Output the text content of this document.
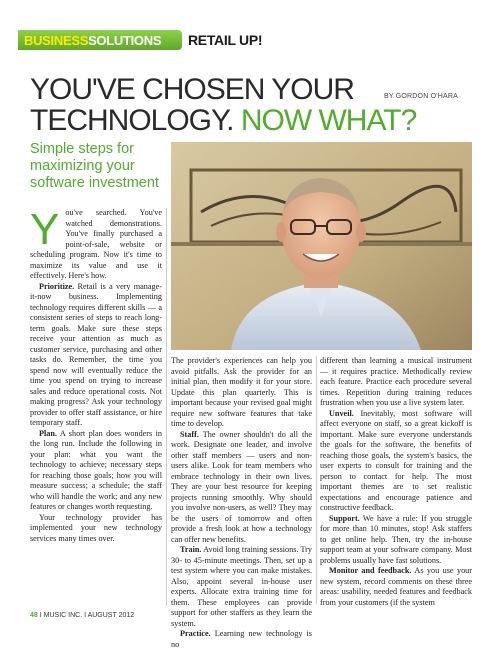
BUSINESSSOLUTIONS RETAIL UP!
YOU'VE CHOSEN YOUR
TECHNOLOGY. NOW WHAT?
BY GORDON O'HARA
Simple steps for maximizing your software investment
Y ou've searched. You've watched demonstrations. You've finally purchased a point-of-sale, website or scheduling program. Now it's time to maximize its value and use it effectively. Here's how.

Prioritize. Retail is a very manage-it-now business. Implementing technology requires different skills — a consistent series of steps to reach long-term goals. Make sure these steps receive your attention as much as customer service, purchasing and other tasks do. Remember, the time you spend now will eventually reduce the time you spend on trying to increase sales and reduce operational costs. Not making progress? Ask your technology provider to offer staff assistance, or hire temporary staff.

Plan. A short plan does wonders in the long run. Include the following in your plan: what you want the technology to achieve; necessary steps for reaching those goals; how you will measure success; a schedule; the staff who will handle the work; and any new features or changes worth requesting.

Your technology provider has implemented your new technology services many times over.

The provider's experiences can help you avoid pitfalls. Ask the provider for an initial plan, then modify it for your store. Update this plan quarterly. This is important because your revised goal might require new software features that take time to develop.

Staff. The owner shouldn't do all the work. Designate one leader, and involve other staff members — users and non-users alike. Look for team members who embrace technology in their own lives. They are your best resource for keeping projects running smoothly. Why should you involve non-users, as well? They may be the users of tomorrow and often provide a fresh look at how a technology can offer new benefits.

Train. Avoid long training sessions. Try 30- to 45-minute meetings. Then, set up a test system where you can make mistakes. Also, appoint several in-house user experts. Allocate extra training time for them. These employees can provide support for other staffers as they learn the system.

Practice. Learning new technology is no

different than learning a musical instrument — it requires practice. Methodically review each feature. Practice each procedure several times. Repetition during training reduces frustration when you use a live system later.

Unveil. Inevitably, most software will affect everyone on staff, so a great kickoff is important. Make sure everyone understands the goals for the software, the benefits of reaching those goals, the system's basics, the user experts to consult for training and the person to contact for help. The most important themes are to set realistic expectations and encourage patience and constructive feedback.

Support. We have a rule: If you struggle for more than 10 minutes, stop! Ask staffers to get online help. Then, try the in-house support team at your software company. Most problems usually have fast solutions.

Monitor and feedback. As you use your new system, record comments on these three areas: usability, needed features and feedback from your customers (if the system

48 I MUSIC INC. I AUGUST 2012
